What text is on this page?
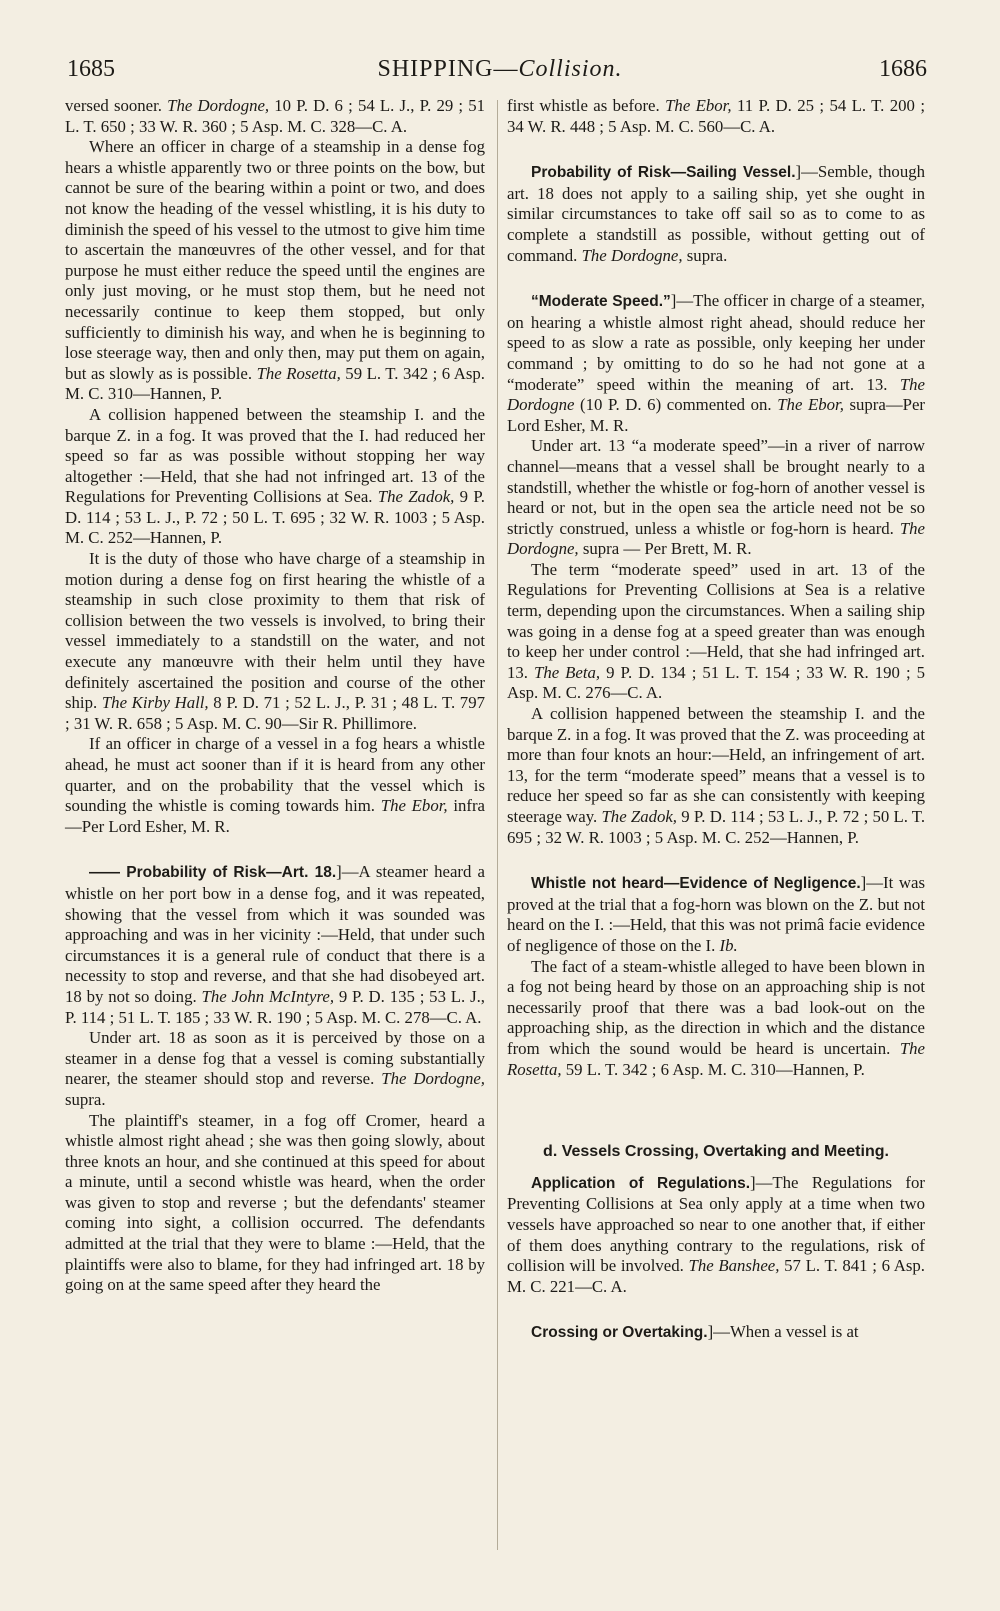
1685	SHIPPING—Collision.	1686

versed sooner. The Dordogne, 10 P. D. 6 ; 54 L. J., P. 29 ; 51 L. T. 650 ; 33 W. R. 360 ; 5 Asp. M. C. 328—C. A.

Where an officer in charge of a steamship in a dense fog hears a whistle apparently two or three points on the bow, but cannot be sure of the bearing within a point or two, and does not know the heading of the vessel whistling, it is his duty to diminish the speed of his vessel to the utmost to give him time to ascertain the manœuvres of the other vessel, and for that purpose he must either reduce the speed until the engines are only just moving, or he must stop them, but he need not necessarily continue to keep them stopped, but only sufficiently to diminish his way, and when he is beginning to lose steerage way, then and only then, may put them on again, but as slowly as is possible. The Rosetta, 59 L. T. 342 ; 6 Asp. M. C. 310—Hannen, P.

A collision happened between the steamship I. and the barque Z. in a fog. It was proved that the I. had reduced her speed so far as was possible without stopping her way altogether :—Held, that she had not infringed art. 13 of the Regulations for Preventing Collisions at Sea. The Zadok, 9 P. D. 114 ; 53 L. J., P. 72 ; 50 L. T. 695 ; 32 W. R. 1003 ; 5 Asp. M. C. 252—Hannen, P.

It is the duty of those who have charge of a steamship in motion during a dense fog on first hearing the whistle of a steamship in such close proximity to them that risk of collision between the two vessels is involved, to bring their vessel immediately to a standstill on the water, and not execute any manœuvre with their helm until they have definitely ascertained the position and course of the other ship. The Kirby Hall, 8 P. D. 71 ; 52 L. J., P. 31 ; 48 L. T. 797 ; 31 W. R. 658 ; 5 Asp. M. C. 90—Sir R. Phillimore.

If an officer in charge of a vessel in a fog hears a whistle ahead, he must act sooner than if it is heard from any other quarter, and on the probability that the vessel which is sounding the whistle is coming towards him. The Ebor, infra —Per Lord Esher, M. R.

—— Probability of Risk—Art. 18.]—A steamer heard a whistle on her port bow in a dense fog, and it was repeated, showing that the vessel from which it was sounded was approaching and was in her vicinity :—Held, that under such circumstances it is a general rule of conduct that there is a necessity to stop and reverse, and that she had disobeyed art. 18 by not so doing. The John McIntyre, 9 P. D. 135 ; 53 L. J., P. 114 ; 51 L. T. 185 ; 33 W. R. 190 ; 5 Asp. M. C. 278—C. A.

Under art. 18 as soon as it is perceived by those on a steamer in a dense fog that a vessel is coming substantially nearer, the steamer should stop and reverse. The Dordogne, supra.

The plaintiff's steamer, in a fog off Cromer, heard a whistle almost right ahead ; she was then going slowly, about three knots an hour, and she continued at this speed for about a minute, until a second whistle was heard, when the order was given to stop and reverse ; but the defendants' steamer coming into sight, a collision occurred. The defendants admitted at the trial that they were to blame :—Held, that the plaintiffs were also to blame, for they had infringed art. 18 by going on at the same speed after they heard the

first whistle as before. The Ebor, 11 P. D. 25 ; 54 L. T. 200 ; 34 W. R. 448 ; 5 Asp. M. C. 560—C. A.

Probability of Risk—Sailing Vessel.]—Semble, though art. 18 does not apply to a sailing ship, yet she ought in similar circumstances to take off sail so as to come to as complete a standstill as possible, without getting out of command. The Dordogne, supra.

“Moderate Speed.”]—The officer in charge of a steamer, on hearing a whistle almost right ahead, should reduce her speed to as slow a rate as possible, only keeping her under command ; by omitting to do so he had not gone at a “moderate” speed within the meaning of art. 13. The Dordogne (10 P. D. 6) commented on. The Ebor, supra—Per Lord Esher, M. R.

Under art. 13 “a moderate speed”—in a river of narrow channel—means that a vessel shall be brought nearly to a standstill, whether the whistle or fog-horn of another vessel is heard or not, but in the open sea the article need not be so strictly construed, unless a whistle or fog-horn is heard. The Dordogne, supra — Per Brett, M. R.

The term “moderate speed” used in art. 13 of the Regulations for Preventing Collisions at Sea is a relative term, depending upon the circumstances. When a sailing ship was going in a dense fog at a speed greater than was enough to keep her under control :—Held, that she had infringed art. 13. The Beta, 9 P. D. 134 ; 51 L. T. 154 ; 33 W. R. 190 ; 5 Asp. M. C. 276—C. A.

A collision happened between the steamship I. and the barque Z. in a fog. It was proved that the Z. was proceeding at more than four knots an hour:—Held, an infringement of art. 13, for the term “moderate speed” means that a vessel is to reduce her speed so far as she can consistently with keeping steerage way. The Zadok, 9 P. D. 114 ; 53 L. J., P. 72 ; 50 L. T. 695 ; 32 W. R. 1003 ; 5 Asp. M. C. 252—Hannen, P.

Whistle not heard—Evidence of Negligence.]—It was proved at the trial that a fog-horn was blown on the Z. but not heard on the I. :—Held, that this was not primâ facie evidence of negligence of those on the I. Ib.

The fact of a steam-whistle alleged to have been blown in a fog not being heard by those on an approaching ship is not necessarily proof that there was a bad look-out on the approaching ship, as the direction in which and the distance from which the sound would be heard is uncertain. The Rosetta, 59 L. T. 342 ; 6 Asp. M. C. 310—Hannen, P.

d. Vessels Crossing, Overtaking and Meeting.

Application of Regulations.]—The Regulations for Preventing Collisions at Sea only apply at a time when two vessels have approached so near to one another that, if either of them does anything contrary to the regulations, risk of collision will be involved. The Banshee, 57 L. T. 841 ; 6 Asp. M. C. 221—C. A.

Crossing or Overtaking.]—When a vessel is at
